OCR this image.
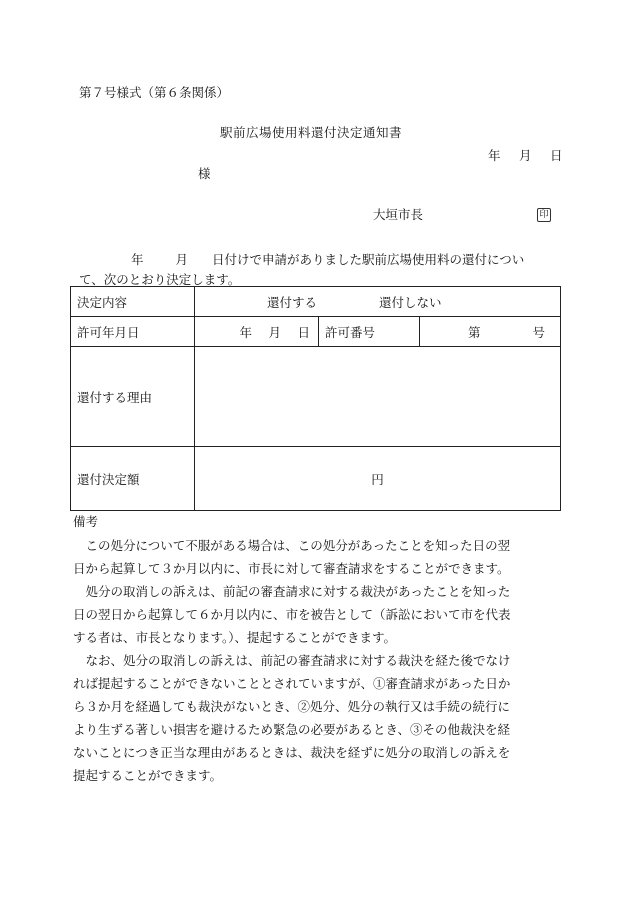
第７号様式（第６条関係）
駅前広場使用料還付決定通知書
年　 月　 日
様
大垣市長	印
年	月 日付けで申請がありました駅前広場使用料の還付につい
て、次のとおり決定します。
決定内容	還付する 還付しない		
許可年月日	年　 月　 日	許可番号	第 号
還付する理由			
還付決定額	円		
備考
　この処分について不服がある場合は、この処分があったことを知った日の翌
日から起算して３か月以内に、市長に対して審査請求をすることができます。
　処分の取消しの訴えは、前記の審査請求に対する裁決があったことを知った
日の翌日から起算して６か月以内に、市を被告として（訴訟において市を代表
する者は、市長となります。）、提起することができます。
　なお、処分の取消しの訴えは、前記の審査請求に対する裁決を経た後でなけ
れば提起することができないこととされていますが、①審査請求があった日か
ら３か月を経過しても裁決がないとき、②処分、処分の執行又は手続の続行に
より生ずる著しい損害を避けるため緊急の必要があるとき、③その他裁決を経
ないことにつき正当な理由があるときは、裁決を経ずに処分の取消しの訴えを
提起することができます。
